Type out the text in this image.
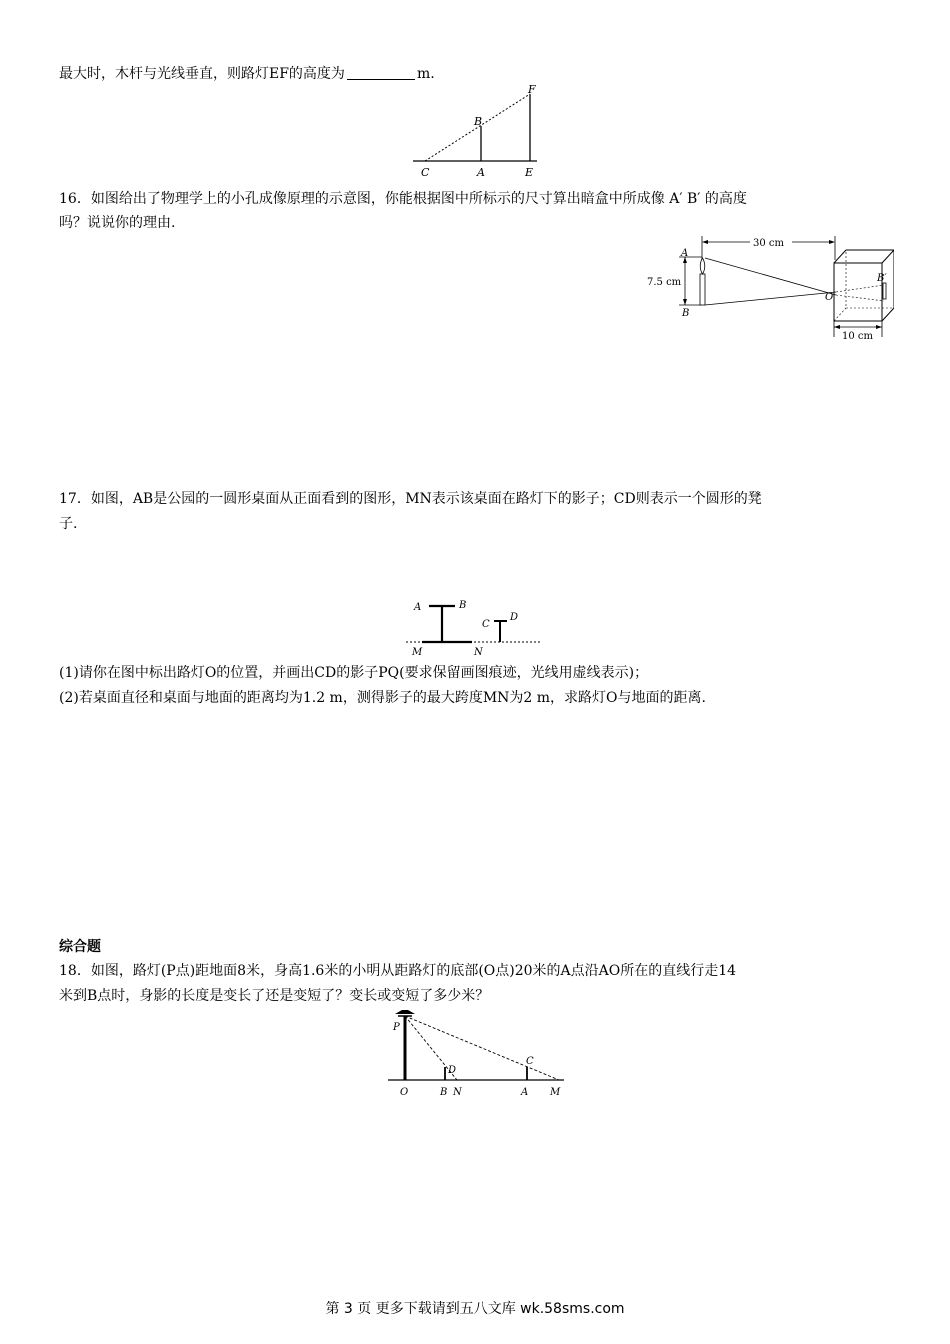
最大时，木杆与光线垂直，则路灯EF的高度为	m.
C	A	E
B
F
16．如图给出了物理学上的小孔成像原理的示意图，你能根据图中所标示的尺寸算出暗盒中所成像 A′ B′ 的高度
吗？说说你的理由.
30 cm
7.5 cm
A
B
O
B′
10 cm
17．如图，AB是公园的一圆形桌面从正面看到的图形，MN表示该桌面在路灯下的影子；CD则表示一个圆形的凳
子.
A	B
C
D
M	N
(1)请你在图中标出路灯O的位置，并画出CD的影子PQ(要求保留画图痕迹，光线用虚线表示)；
(2)若桌面直径和桌面与地面的距离均为1.2 m，测得影子的最大跨度MN为2 m，求路灯O与地面的距离.
综合题
18．如图，路灯(P点)距地面8米，身高1.6米的小明从距路灯的底部(O点)20米的A点沿AO所在的直线行走14
米到B点时，身影的长度是变长了还是变短了？变长或变短了多少米？
P
O	B N
D
A
C
M
第 3 页 更多下载请到五八文库 wk.58sms.com
